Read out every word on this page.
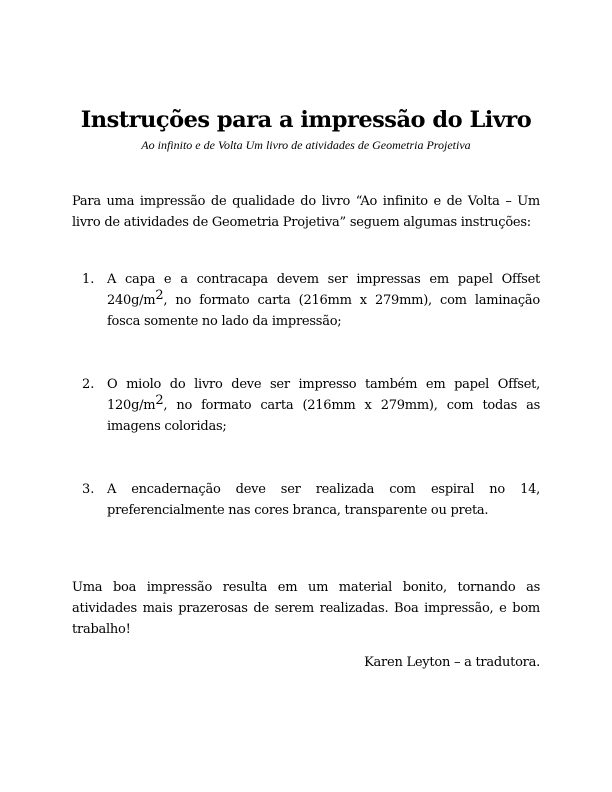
Instruções para a impressão do Livro

Ao infinito e de Volta Um livro de atividades de Geometria Projetiva

Para uma impressão de qualidade do livro “Ao infinito e de Volta – Um livro de atividades de Geometria Projetiva” seguem algumas instruções:

1. A capa e a contracapa devem ser impressas em papel Offset $240g/m^2$, no formato carta (216mm x 279mm), com laminação fosca somente no lado da impressão;

2. O miolo do livro deve ser impresso também em papel Offset, $120g/m^2$, no formato carta (216mm x 279mm), com todas as imagens coloridas;

3. A encadernação deve ser realizada com espiral no 14, preferencialmente nas cores branca, transparente ou preta.

Uma boa impressão resulta em um material bonito, tornando as atividades mais prazerosas de serem realizadas. Boa impressão, e bom trabalho!

Karen Leyton – a tradutora.
